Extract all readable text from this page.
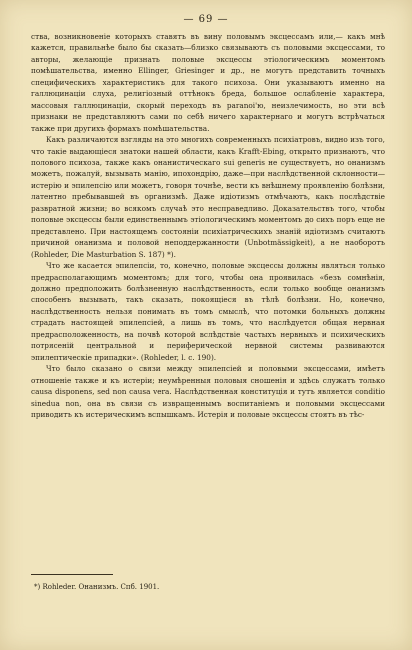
— 69 —

ства, возникновеніе которыхъ ставятъ въ вину половымъ эксцессамъ или,— какъ мнѣ кажется, правильнѣе было бы сказать—близко связываютъ съ половыми эксцессами, то авторы, желающіе признать половые эксцессы этіологическимъ моментомъ помѣшательства, именно Ellinger, Griesinger и др., не могутъ представить точныхъ специфическихъ характеристикъ для такого психоза. Они указываютъ именно на галлюцинаціи слуха, религіозный оттѣнокъ бреда, большое ослабленіе характера, массовыя галлюцинаціи, скорый переходъ въ paranoi'ю, неизлечимость, но эти всѣ признаки не представляютъ сами по себѣ ничего характернаго и могутъ встрѣчаться также при другихъ формахъ помѣшательства.

Какъ различаются взгляды на это многихъ современныхъ психіатровъ, видно изъ того, что такіе выдающіеся знатоки нашей области, какъ Krafft-Ebing, открыто признаютъ, что полового психоза, также какъ онанистическаго sui generis не существуетъ, но онанизмъ можетъ, пожалуй, вызывать манію, ипохондрію, даже—при наслѣдственной склонности—истерію и эпилепсію или можетъ, говоря точнѣе, вести къ внѣшнему проявленію болѣзни, латентно пребывавшей въ организмѣ. Даже идіотизмъ отмѣчаютъ, какъ послѣдствіе развратной жизни; во всякомъ случаѣ это несправедливо. Доказательствъ того, чтобы половые эксцессы были единственнымъ этіологическимъ моментомъ до сихъ поръ еще не представлено. При настоящемъ состояніи психіатрическихъ знаній идіотизмъ считаютъ причиной онанизма и половой неподдержанности (Unbotmässigkeit), а не наоборотъ (Rohleder, Die Masturbation S. 187) *).

Что же касается эпилепсіи, то, конечно, половые эксцессы должны являться только предрасполагающимъ моментомъ; для того, чтобы она проявилась «безъ сомнѣнія, должно предположить болѣзненную наслѣдственность, если только вообще онанизмъ способенъ вызывать, такъ сказать, покоящіеся въ тѣлѣ болѣзни. Но, конечно, наслѣдственность нельзя понимать въ томъ смыслѣ, что потомки больныхъ должны страдать настоящей эпилепсіей, а лишь въ томъ, что наслѣдуется общая нервная предрасположенность, на почвѣ которой вслѣдствіе частыхъ нервныхъ и психическихъ потрясеній центральной и периферической нервной системы развиваются эпилептическіе припадки». (Rohleder, l. c. 190).

Что было сказано о связи между эпилепсіей и половыми эксцессами, имѣетъ отношеніе также и къ истеріи; неумѣренныя половыя сношенія и здѣсь служатъ только causa disponens, sed non causa vera. Наслѣдственная конституція и тутъ является conditio sinedua non, она въ связи съ извращеннымъ воспитаніемъ и половыми эксцессами приводитъ къ истерическимъ вспышкамъ. Истерія и половые эксцессы стоятъ въ тѣс-

*) Rohleder. Онанизмъ. Спб. 1901.
